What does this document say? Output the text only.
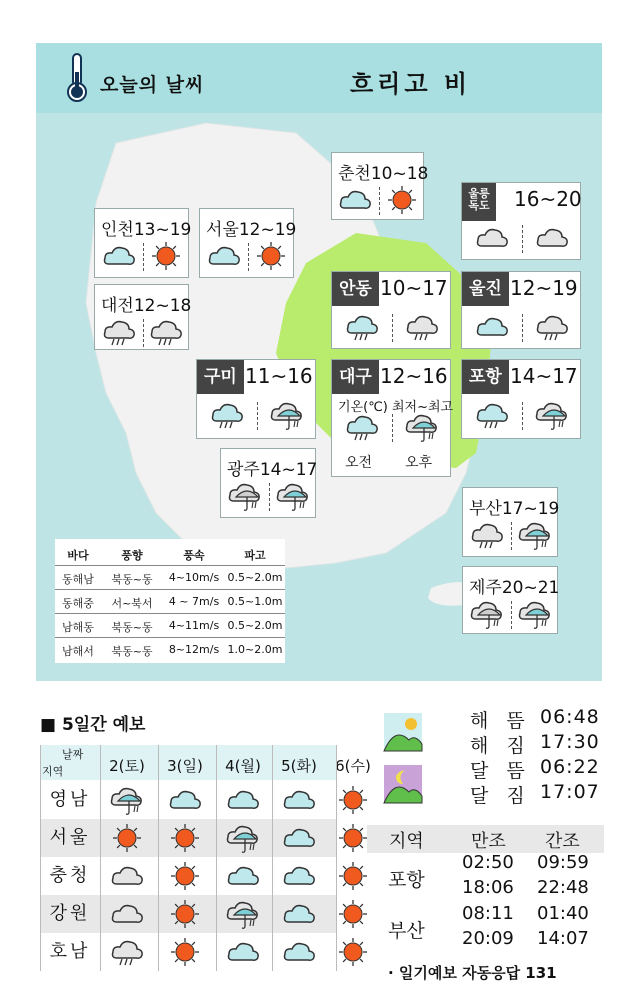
오늘의 날씨	흐리고 비
춘천10~18
인천13~19 서울12~19
울릉
독도	16~20
대전12~18
안동 10~17	울진 12~19
구미 11~16	대구 12~16
기온(℃) 최저~최고
오전 오후
포항 14~17
광주14~17
부산17~19
제주20~21
바다	풍향	풍속	파고
동해남	북동~동	4~10m/s 0.5~2.0m
동해중	서~북서	4 ~ 7m/s 0.5~1.0m
남해동	북동~동	4~11m/s 0.5~2.0m
남해서	북동~동	8~12m/s 1.0~2.0m
■ 5일간 예보
날짜
지역	2(토)	3(일)	4(월)	5(화)	6(수)
영남
서울
충청
강원
호남
해 뜸 06:48
해 짐 17:30
달 뜸 06:22
달 짐 17:07
지역	만조 간조
포항
02:50 09:59
18:06 22:48
부산
08:11 01:40
20:09 14:07
· 일기예보 자동응답 131
